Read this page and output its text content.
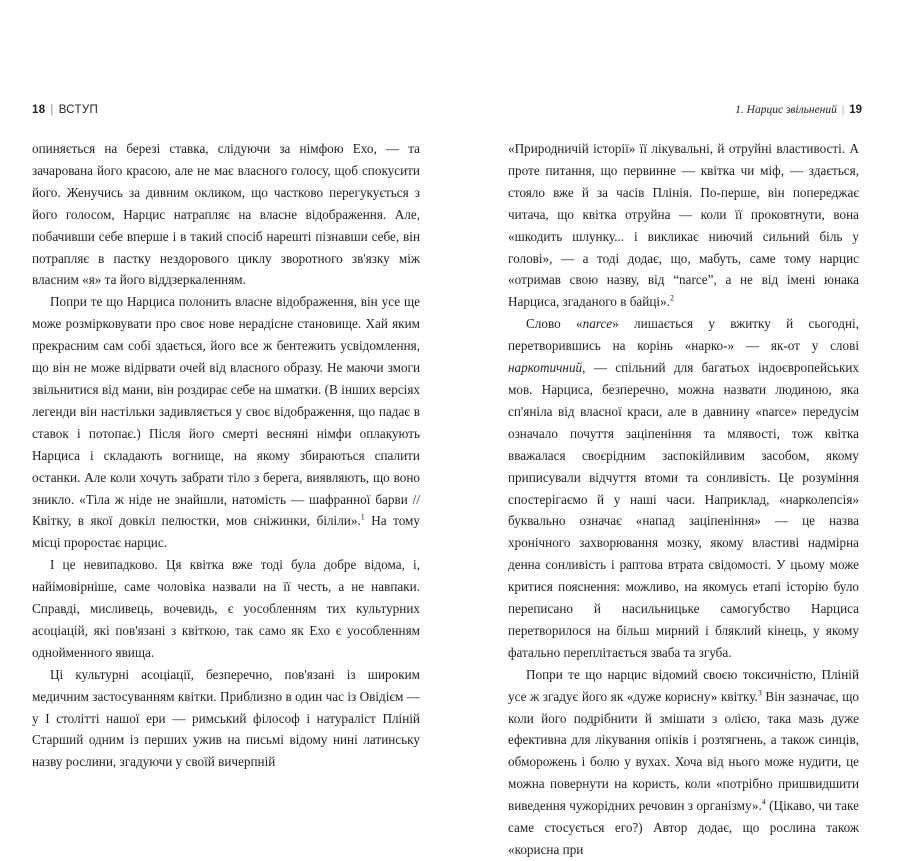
18 | ВСТУП

опиняється на березі ставка, слідуючи за німфою Ехо, — та зачарована його красою, але не має власного голосу, щоб спокусити його. Женучись за дивним окликом, що частково перегукується з його голосом, Нарцис натрапляє на власне відображення. Але, побачивши себе вперше і в такий спосіб нарешті пізнавши себе, він потрапляє в пастку нездорового циклу зворотного зв'язку між власним «я» та його віддзеркаленням.

Попри те що Нарциса полонить власне відображення, він усе ще може розмірковувати про своє нове нерадісне становище. Хай яким прекрасним сам собі здається, його все ж бентежить усвідомлення, що він не може відірвати очей від власного образу. Не маючи змоги звільнитися від мани, він роздирає себе на шматки. (В інших версіях легенди він настільки задивляється у своє відображення, що падає в ставок і потопає.) Після його смерті весняні німфи оплакують Нарциса і складають вогнище, на якому збираються спалити останки. Але коли хочуть забрати тіло з берега, виявляють, що воно зникло. «Тіла ж ніде не знайшли, натомість — шафранної барви // Квітку, в якої довкіл пелюстки, мов сніжинки, біліли».$^1$ На тому місці проростає нарцис.

І це невипадково. Ця квітка вже тоді була добре відома, і, найімовірніше, саме чоловіка назвали на її честь, а не навпаки. Справді, мисливець, вочевидь, є уособленням тих культурних асоціацій, які пов'язані з квіткою, так само як Ехо є уособленням однойменного явища.

Ці культурні асоціації, безперечно, пов'язані із широким медичним застосуванням квітки. Приблизно в один час із Овідієм — у І столітті нашої ери — римський філософ і натураліст Пліній Старший одним із перших ужив на письмі відому нині латинську назву рослини, згадуючи у своїй вичерпній

1. Нарцис звільнений | 19

«Природничій історії» її лікувальні, й отруйні властивості. А проте питання, що первинне — квітка чи міф, — здається, стояло вже й за часів Плінія. По-перше, він попереджає читача, що квітка отруйна — коли її проковтнути, вона «шкодить шлунку... і викликає ниючий сильний біль у голові», — а тоді додає, що, мабуть, саме тому нарцис «отримав свою назву, від “narce”, а не від імені юнака Нарциса, згаданого в байці».$^2$

Слово «narce» лишається у вжитку й сьогодні, перетворившись на корінь «нарко-» — як-от у слові наркотичний, — спільний для багатьох індоєвропейських мов. Нарциса, безперечно, можна назвати людиною, яка сп'яніла від власної краси, але в давнину «narce» передусім означало почуття заціпеніння та млявості, тож квітка вважалася своєрідним заспокійливим засобом, якому приписували відчуття втоми та сонливість. Це розуміння спостерігаємо й у наші часи. Наприклад, «нарколепсія» буквально означає «напад заціпеніння» — це назва хронічного захворювання мозку, якому властиві надмірна денна сонливість і раптова втрата свідомості. У цьому може критися пояснення: можливо, на якомусь етапі історію було переписано й насильницьке самогубство Нарциса перетворилося на більш мирний і бляклий кінець, у якому фатально переплітається звабa та згуба.

Попри те що нарцис відомий своєю токсичністю, Пліній усе ж згадує його як «дуже корисну» квітку.$^3$ Він зазначає, що коли його подрібнити й змішати з олією, така мазь дуже ефективна для лікування опіків і розтягнень, а також синців, обморожень і болю у вухах. Хоча від нього може нудити, це можна повернути на користь, коли «потрібно пришвидшити виведення чужорідних речовин з організму».$^4$ (Цікаво, чи таке саме стосується его?) Автор додає, що рослина також «корисна при
